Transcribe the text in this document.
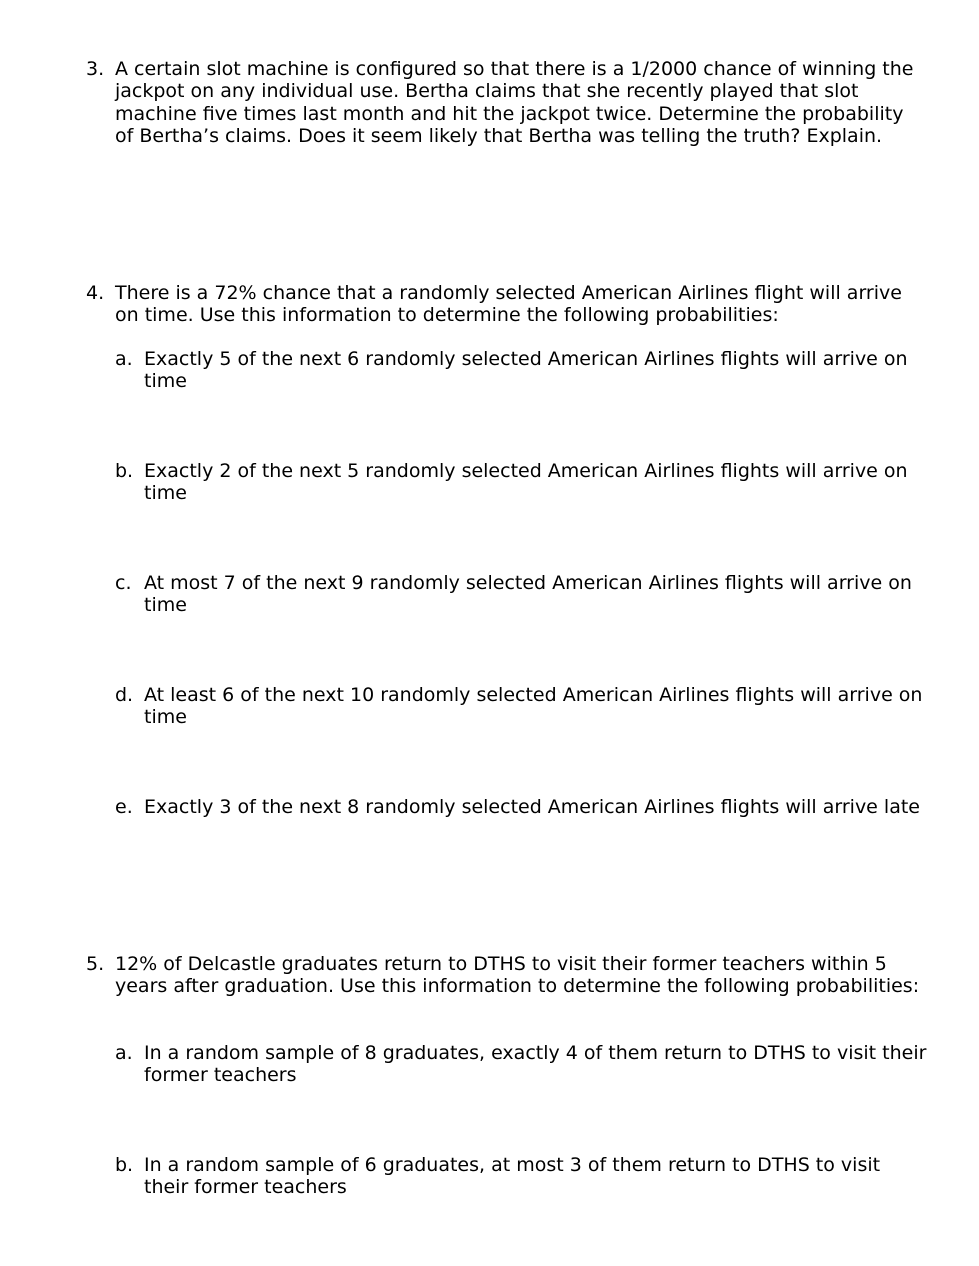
3. A certain slot machine is configured so that there is a 1/2000 chance of winning the jackpot on any individual use. Bertha claims that she recently played that slot machine five times last month and hit the jackpot twice. Determine the probability of Bertha’s claims. Does it seem likely that Bertha was telling the truth? Explain.
4. There is a 72% chance that a randomly selected American Airlines flight will arrive on time. Use this information to determine the following probabilities:
a. Exactly 5 of the next 6 randomly selected American Airlines flights will arrive on time
b. Exactly 2 of the next 5 randomly selected American Airlines flights will arrive on time
c. At most 7 of the next 9 randomly selected American Airlines flights will arrive on time
d. At least 6 of the next 10 randomly selected American Airlines flights will arrive on time
e. Exactly 3 of the next 8 randomly selected American Airlines flights will arrive late
5. 12% of Delcastle graduates return to DTHS to visit their former teachers within 5 years after graduation. Use this information to determine the following probabilities:
a. In a random sample of 8 graduates, exactly 4 of them return to DTHS to visit their former teachers
b. In a random sample of 6 graduates, at most 3 of them return to DTHS to visit their former teachers
